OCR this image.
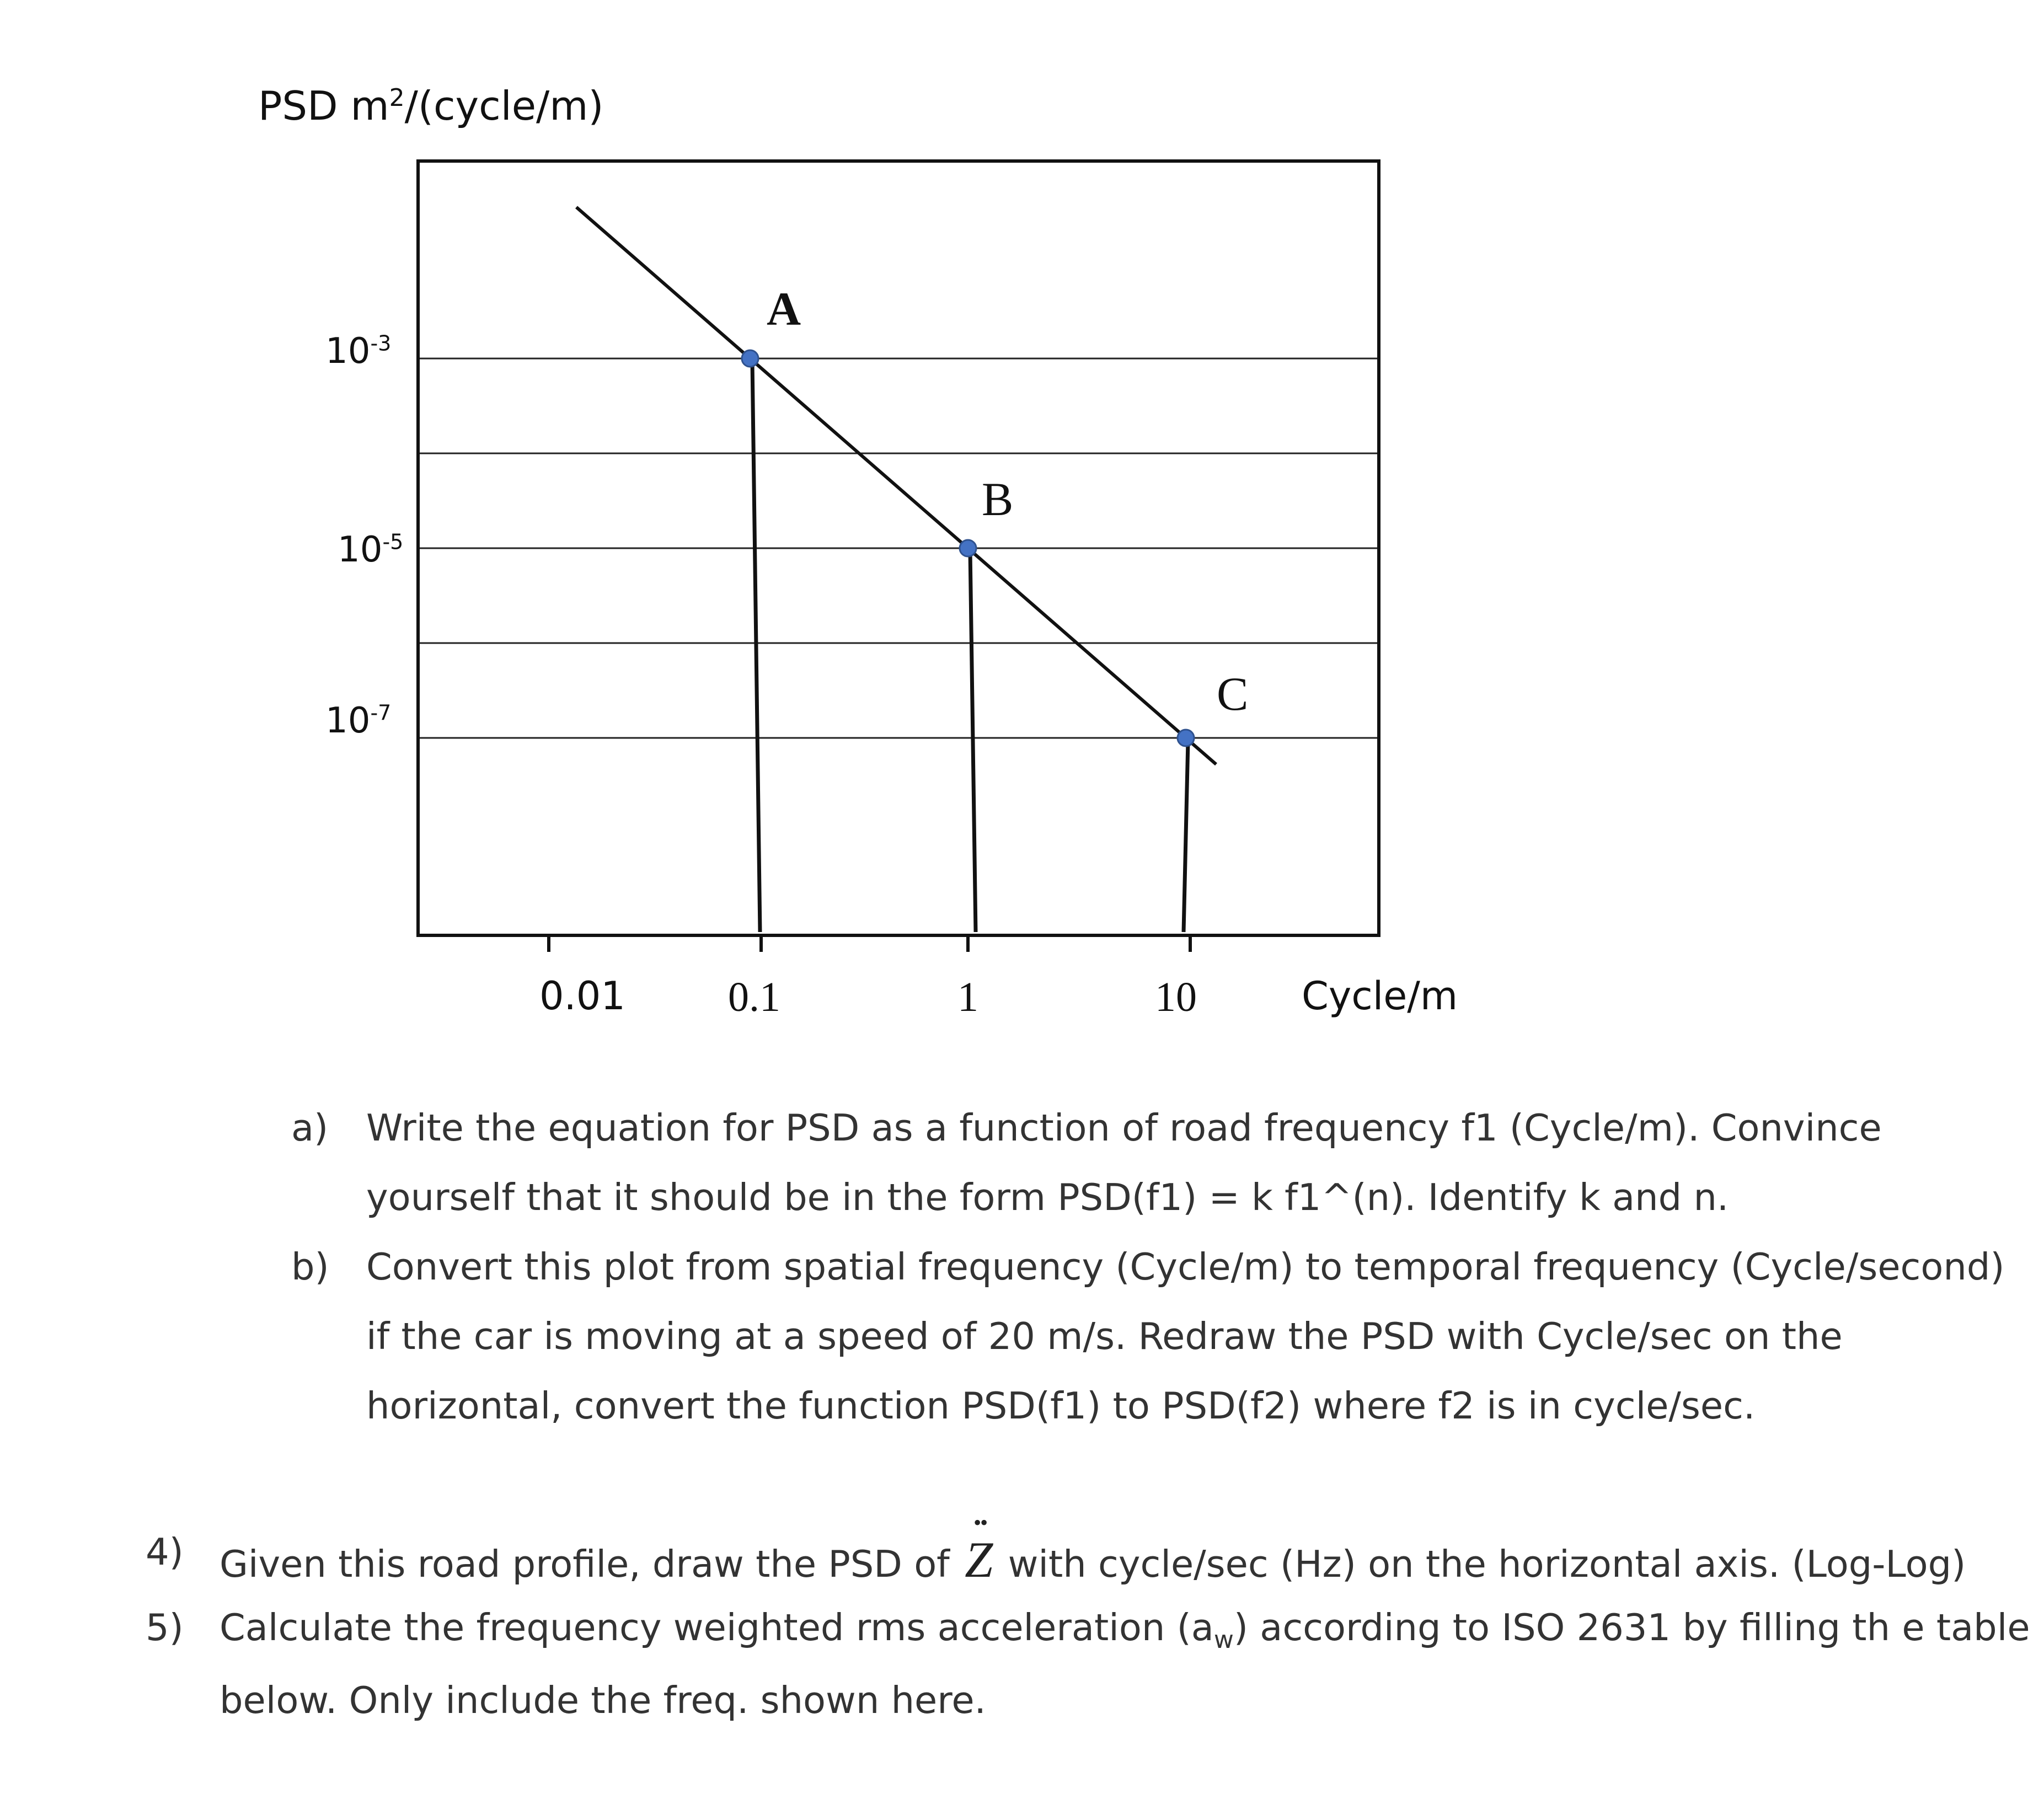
PSD $m^2/(cycle/m)$
$10^{-3}$
$10^{-5}$
$10^{-7}$
0.01 0.1	1	10	Cycle/m
A
B
C
a) Write the equation for PSD as a function of road frequency f1 (Cycle/m). Convince
yourself that it should be in the form PSD(f1) = k f1^(n). Identify k and n.
b) Convert this plot from spatial frequency (Cycle/m) to temporal frequency (Cycle/second)
if the car is moving at a speed of 20 m/s. Redraw the PSD with Cycle/sec on the
horizontal, convert the function PSD(f1) to PSD(f2) where f2 is in cycle/sec.
4) Given this road profile, draw the PSD of •• Z with cycle/sec (Hz) on the horizontal axis. (Log-Log)
5) Calculate the frequency weighted rms acceleration $(a_w)$ according to ISO 2631 by filling th e table
below. Only include the freq. shown here.
